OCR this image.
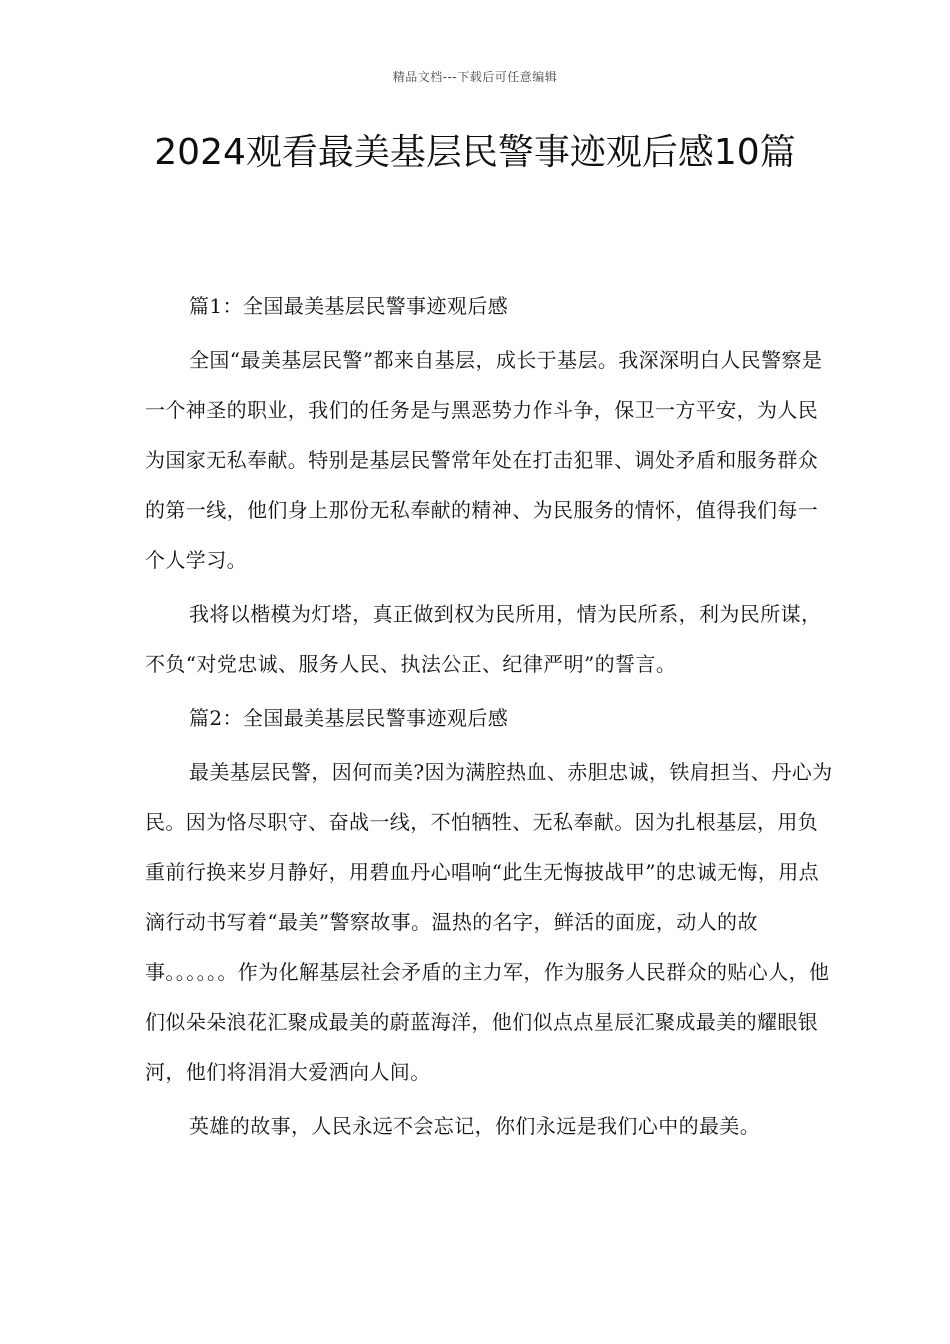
精品文档---下载后可任意编辑
2024观看最美基层民警事迹观后感10篇

篇1：全国最美基层民警事迹观后感

全国“最美基层民警”都来自基层，成长于基层。我深深明白人民警察是一个神圣的职业，我们的任务是与黑恶势力作斗争，保卫一方平安，为人民为国家无私奉献。特别是基层民警常年处在打击犯罪、调处矛盾和服务群众的第一线，他们身上那份无私奉献的精神、为民服务的情怀，值得我们每一个人学习。

我将以楷模为灯塔，真正做到权为民所用，情为民所系，利为民所谋，不负“对党忠诚、服务人民、执法公正、纪律严明”的誓言。

篇2：全国最美基层民警事迹观后感

最美基层民警，因何而美?因为满腔热血、赤胆忠诚，铁肩担当、丹心为民。因为恪尽职守、奋战一线，不怕牺牲、无私奉献。因为扎根基层，用负重前行换来岁月静好，用碧血丹心唱响“此生无悔披战甲”的忠诚无悔，用点滴行动书写着“最美”警察故事。温热的名字，鲜活的面庞，动人的故事。。。。。。作为化解基层社会矛盾的主力军，作为服务人民群众的贴心人，他们似朵朵浪花汇聚成最美的蔚蓝海洋，他们似点点星辰汇聚成最美的耀眼银河，他们将涓涓大爱洒向人间。

英雄的故事，人民永远不会忘记，你们永远是我们心中的最美。
